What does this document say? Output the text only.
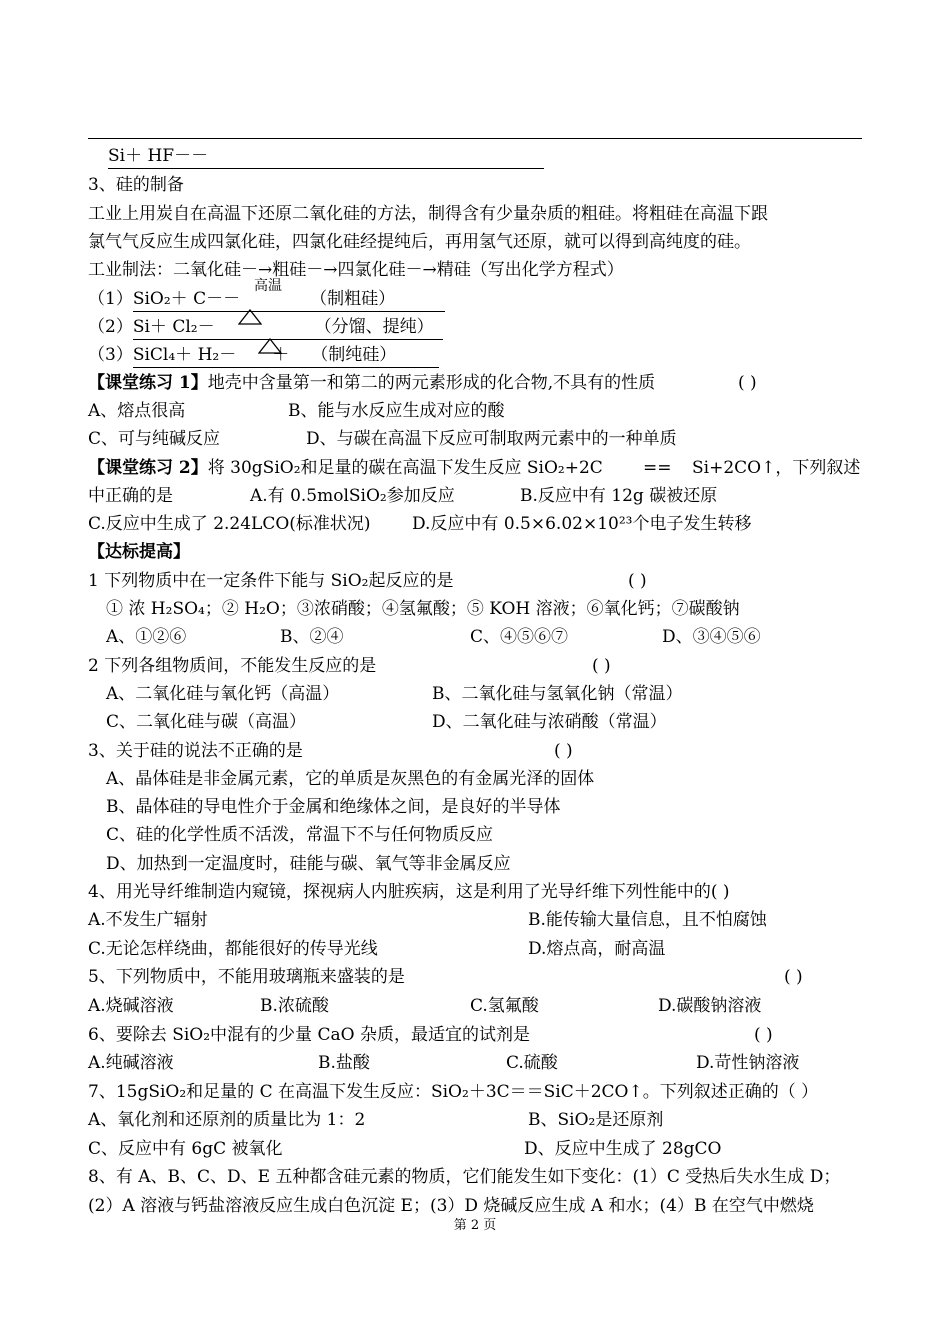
Si＋ HF－－
3、硅的制备
工业上用炭自在高温下还原二氧化硅的方法，制得含有少量杂质的粗硅。将粗硅在高温下跟
氯气气反应生成四氯化硅，四氯化硅经提纯后，再用氢气还原，就可以得到高纯度的硅。
工业制法：二氧化硅－→粗硅－→四氯化硅－→精硅（写出化学方程式）
（1）SiO₂＋ C－－	（制粗硅）
高温
（2）Si＋ Cl₂－	（分馏、提纯）
（3）SiCl₄＋ H₂－ ＋ （制纯硅）
【课堂练习 1】地壳中含量第一和第二的两元素形成的化合物,不具有的性质	( )
A、熔点很高	B、能与水反应生成对应的酸
C、可与纯碱反应	D、与碳在高温下反应可制取两元素中的一种单质
【课堂练习 2】将 30gSiO₂和足量的碳在高温下发生反应 SiO₂+2C == Si+2CO↑，下列叙述
中正确的是	A.有 0.5molSiO₂参加反应	B.反应中有 12g 碳被还原
C.反应中生成了 2.24LCO(标准状况) D.反应中有 0.5×6.02×10²³个电子发生转移
【达标提高】
1 下列物质中在一定条件下能与 SiO₂起反应的是	( )
① 浓 H₂SO₄；② H₂O；③浓硝酸；④氢氟酸；⑤ KOH 溶液；⑥氧化钙；⑦碳酸钠
A、①②⑥	B、②④	C、④⑤⑥⑦	D、③④⑤⑥
2 下列各组物质间，不能发生反应的是	( )
A、二氧化硅与氧化钙（高温）	B、二氧化硅与氢氧化钠（常温）
C、二氧化硅与碳（高温）	D、二氧化硅与浓硝酸（常温）
3、关于硅的说法不正确的是	( )
A、晶体硅是非金属元素，它的单质是灰黑色的有金属光泽的固体
B、晶体硅的导电性介于金属和绝缘体之间，是良好的半导体
C、硅的化学性质不活泼，常温下不与任何物质反应
D、加热到一定温度时，硅能与碳、氧气等非金属反应
4、用光导纤维制造内窥镜，探视病人内脏疾病，这是利用了光导纤维下列性能中的( )
A.不发生广辐射	B.能传输大量信息，且不怕腐蚀
C.无论怎样绕曲，都能很好的传导光线	D.熔点高，耐高温
5、下列物质中，不能用玻璃瓶来盛装的是	( )
A.烧碱溶液	B.浓硫酸	C.氢氟酸	D.碳酸钠溶液
6、要除去 SiO₂中混有的少量 CaO 杂质，最适宜的试剂是	( )
A.纯碱溶液	B.盐酸	C.硫酸	D.苛性钠溶液
7、15gSiO₂和足量的 C 在高温下发生反应：SiO₂＋3C＝＝SiC＋2CO↑。下列叙述正确的（ ）
A、氧化剂和还原剂的质量比为 1：2	B、SiO₂是还原剂
C、反应中有 6gC 被氧化	D、反应中生成了 28gCO
8、有 A、B、C、D、E 五种都含硅元素的物质，它们能发生如下变化：(1）C 受热后失水生成 D；
(2）A 溶液与钙盐溶液反应生成白色沉淀 E；(3）D 烧碱反应生成 A 和水；(4）B 在空气中燃烧
第 2 页
